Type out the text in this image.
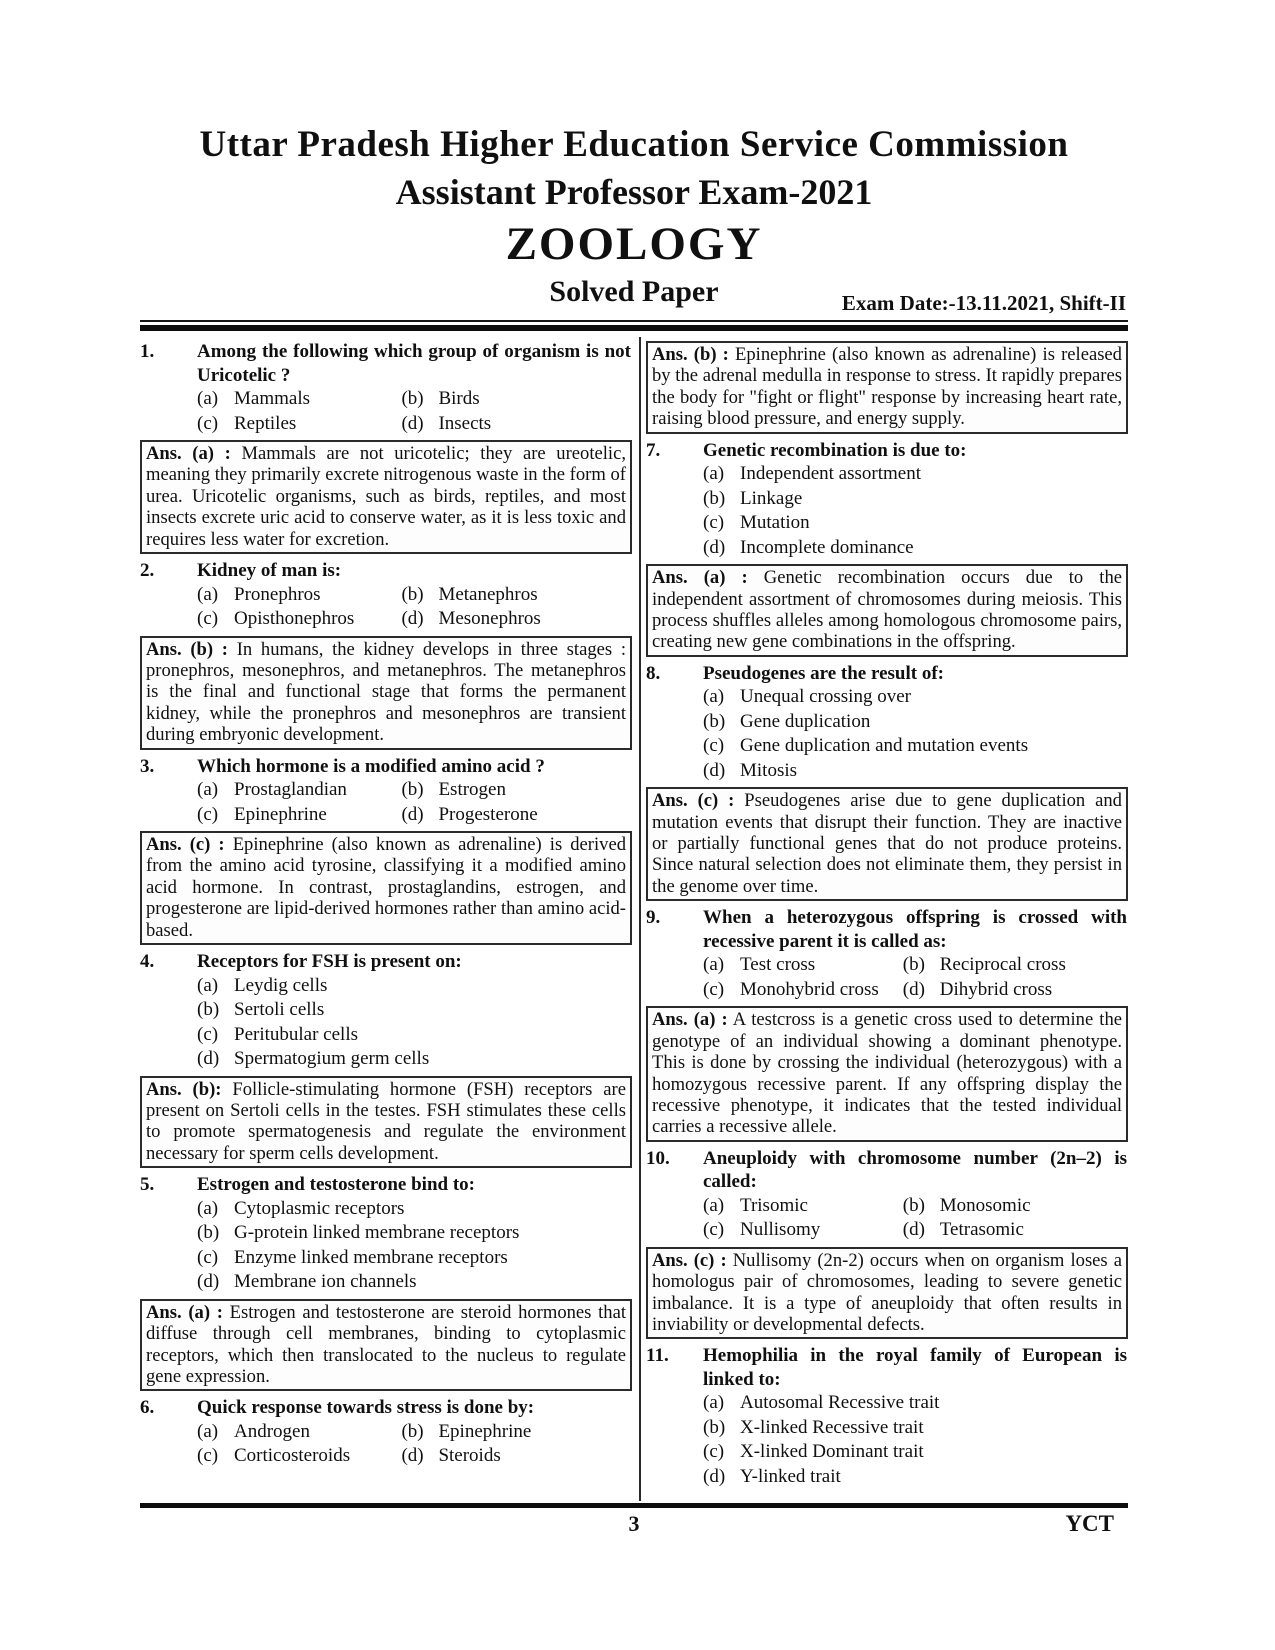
Uttar Pradesh Higher Education Service Commission
Assistant Professor Exam-2021
ZOOLOGY
Solved Paper	Exam Date:-13.11.2021, Shift-II
1.	Among the following which group of organism is not Uricotelic ?
(a) Mammals	(b) Birds
(c) Reptiles	(d) Insects
Ans. (a) : Mammals are not uricotelic; they are ureotelic, meaning they primarily excrete nitrogenous waste in the form of urea. Uricotelic organisms, such as birds, reptiles, and most insects excrete uric acid to conserve water, as it is less toxic and requires less water for excretion.
2.	Kidney of man is:
(a) Pronephros	(b) Metanephros
(c) Opisthonephros	(d) Mesonephros
Ans. (b) : In humans, the kidney develops in three stages : pronephros, mesonephros, and metanephros. The metanephros is the final and functional stage that forms the permanent kidney, while the pronephros and mesonephros are transient during embryonic development.
3.	Which hormone is a modified amino acid ?
(a) Prostaglandian	(b) Estrogen
(c) Epinephrine	(d) Progesterone
Ans. (c) : Epinephrine (also known as adrenaline) is derived from the amino acid tyrosine, classifying it a modified amino acid hormone. In contrast, prostaglandins, estrogen, and progesterone are lipid-derived hormones rather than amino acid-based.
4.	Receptors for FSH is present on:
(a) Leydig cells
(b) Sertoli cells
(c) Peritubular cells
(d) Spermatogium germ cells
Ans. (b): Follicle-stimulating hormone (FSH) receptors are present on Sertoli cells in the testes. FSH stimulates these cells to promote spermatogenesis and regulate the environment necessary for sperm cells development.
5.	Estrogen and testosterone bind to:
(a) Cytoplasmic receptors
(b) G-protein linked membrane receptors
(c) Enzyme linked membrane receptors
(d) Membrane ion channels
Ans. (a) : Estrogen and testosterone are steroid hormones that diffuse through cell membranes, binding to cytoplasmic receptors, which then translocated to the nucleus to regulate gene expression.
6.	Quick response towards stress is done by:
(a) Androgen	(b) Epinephrine
(c) Corticosteroids	(d) Steroids
Ans. (b) : Epinephrine (also known as adrenaline) is released by the adrenal medulla in response to stress. It rapidly prepares the body for "fight or flight" response by increasing heart rate, raising blood pressure, and energy supply.
7.	Genetic recombination is due to:
(a) Independent assortment
(b) Linkage
(c) Mutation
(d) Incomplete dominance
Ans. (a) : Genetic recombination occurs due to the independent assortment of chromosomes during meiosis. This process shuffles alleles among homologous chromosome pairs, creating new gene combinations in the offspring.
8.	Pseudogenes are the result of:
(a) Unequal crossing over
(b) Gene duplication
(c) Gene duplication and mutation events
(d) Mitosis
Ans. (c) : Pseudogenes arise due to gene duplication and mutation events that disrupt their function. They are inactive or partially functional genes that do not produce proteins. Since natural selection does not eliminate them, they persist in the genome over time.
9.	When a heterozygous offspring is crossed with recessive parent it is called as:
(a) Test cross	(b) Reciprocal cross
(c) Monohybrid cross	(d) Dihybrid cross
Ans. (a) : A testcross is a genetic cross used to determine the genotype of an individual showing a dominant phenotype. This is done by crossing the individual (heterozygous) with a homozygous recessive parent. If any offspring display the recessive phenotype, it indicates that the tested individual carries a recessive allele.
10.	Aneuploidy with chromosome number (2n–2) is called:
(a) Trisomic	(b) Monosomic
(c) Nullisomy	(d) Tetrasomic
Ans. (c) : Nullisomy (2n-2) occurs when on organism loses a homologus pair of chromosomes, leading to severe genetic imbalance. It is a type of aneuploidy that often results in inviability or developmental defects.
11.	Hemophilia in the royal family of European is linked to:
(a) Autosomal Recessive trait
(b) X-linked Recessive trait
(c) X-linked Dominant trait
(d) Y-linked trait
3	YCT
